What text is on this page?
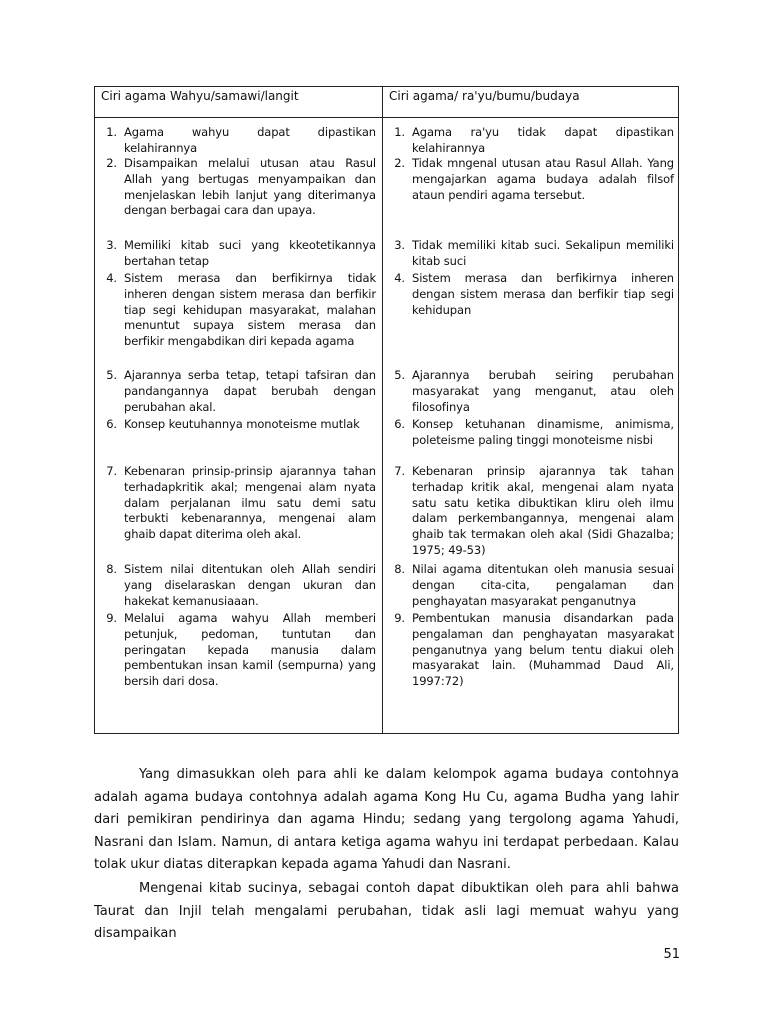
Ciri agama Wahyu/samawi/langit	Ciri agama/ ra'yu/bumu/budaya
1. Agama wahyu dapat dipastikan kelahirannya
2. Disampaikan melalui utusan atau Rasul Allah yang bertugas menyampaikan dan menjelaskan lebih lanjut yang diterimanya dengan berbagai cara dan upaya.
3. Memiliki kitab suci yang kkeotetikannya bertahan tetap
4. Sistem merasa dan berfikirnya tidak inheren dengan sistem merasa dan berfikir tiap segi kehidupan masyarakat, malahan menuntut supaya sistem merasa dan berfikir mengabdikan diri kepada agama
5. Ajarannya serba tetap, tetapi tafsiran dan pandangannya dapat berubah dengan perubahan akal.
6. Konsep keutuhannya monoteisme mutlak
7. Kebenaran prinsip-prinsip ajarannya tahan terhadapkritik akal; mengenai alam nyata dalam perjalanan ilmu satu demi satu terbukti kebenarannya, mengenai alam ghaib dapat diterima oleh akal.
8. Sistem nilai ditentukan oleh Allah sendiri yang diselaraskan dengan ukuran dan hakekat kemanusiaaan.
9. Melalui agama wahyu Allah memberi petunjuk, pedoman, tuntutan dan peringatan kepada manusia dalam pembentukan insan kamil (sempurna) yang bersih dari dosa.
1. Agama ra'yu tidak dapat dipastikan kelahirannya
2. Tidak mngenal utusan atau Rasul Allah. Yang mengajarkan agama budaya adalah filsof ataun pendiri agama tersebut.
3. Tidak memiliki kitab suci. Sekalipun memiliki kitab suci
4. Sistem merasa dan berfikirnya inheren dengan sistem merasa dan berfikir tiap segi kehidupan
5. Ajarannya berubah seiring perubahan masyarakat yang menganut, atau oleh filosofinya
6. Konsep ketuhanan dinamisme, animisma, poleteisme paling tinggi monoteisme nisbi
7. Kebenaran prinsip ajarannya tak tahan terhadap kritik akal, mengenai alam nyata satu satu ketika dibuktikan kliru oleh ilmu dalam perkembangannya, mengenai alam ghaib tak termakan oleh akal (Sidi Ghazalba; 1975; 49-53)
8. Nilai agama ditentukan oleh manusia sesuai dengan cita-cita, pengalaman dan penghayatan masyarakat penganutnya
9. Pembentukan manusia disandarkan pada pengalaman dan penghayatan masyarakat penganutnya yang belum tentu diakui oleh masyarakat lain. (Muhammad Daud Ali, 1997:72)

Yang dimasukkan oleh para ahli ke dalam kelompok agama budaya contohnya adalah agama budaya contohnya adalah agama Kong Hu Cu, agama Budha yang lahir dari pemikiran pendirinya dan agama Hindu; sedang yang tergolong agama Yahudi, Nasrani dan Islam. Namun, di antara ketiga agama wahyu ini terdapat perbedaan. Kalau tolak ukur diatas diterapkan kepada agama Yahudi dan Nasrani.

Mengenai kitab sucinya, sebagai contoh dapat dibuktikan oleh para ahli bahwa Taurat dan Injil telah mengalami perubahan, tidak asli lagi memuat wahyu yang disampaikan

51
